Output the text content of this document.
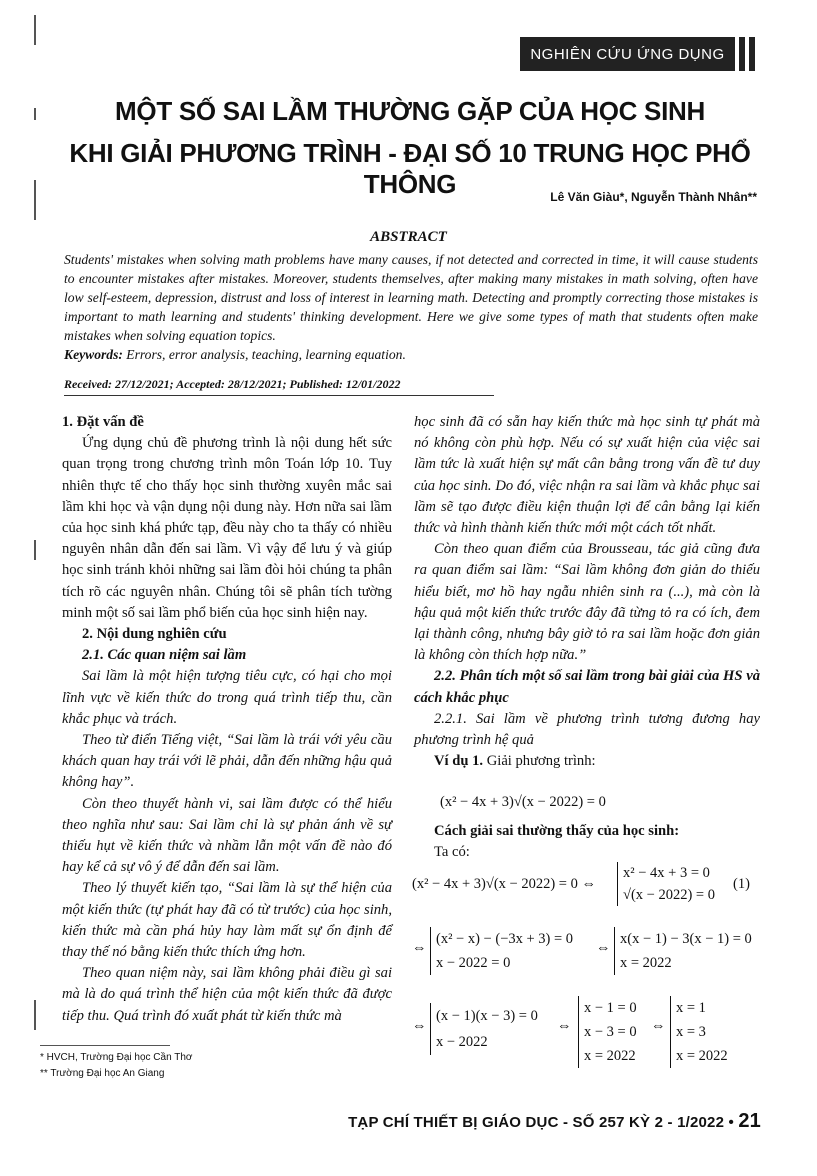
NGHIÊN CỨU ỨNG DỤNG
MỘT SỐ SAI LẦM THƯỜNG GẶP CỦA HỌC SINH
KHI GIẢI PHƯƠNG TRÌNH - ĐẠI SỐ 10 TRUNG HỌC PHỔ THÔNG	Lê Văn Giàu*, Nguyễn Thành Nhân**
ABSTRACT
Students' mistakes when solving math problems have many causes, if not detected and corrected in time, it will cause students to encounter mistakes after mistakes. Moreover, students themselves, after making many mistakes in math solving, often have low self-esteem, depression, distrust and loss of interest in learning math. Detecting and promptly correcting those mistakes is important to math learning and students' thinking development. Here we give some types of math that students often make mistakes when solving equation topics.
Keywords: Errors, error analysis, teaching, learning equation.
Received: 27/12/2021; Accepted: 28/12/2021; Published: 12/01/2022

1. Đặt vấn đề

Ứng dụng chủ đề phương trình là nội dung hết sức quan trọng trong chương trình môn Toán lớp 10. Tuy nhiên thực tế cho thấy học sinh thường xuyên mắc sai lầm khi học và vận dụng nội dung này. Hơn nữa sai lầm của học sinh khá phức tạp, đều này cho ta thấy có nhiều nguyên nhân dẫn đến sai lầm. Vì vậy để lưu ý và giúp học sinh tránh khỏi những sai lầm đòi hỏi chúng ta phân tích rõ các nguyên nhân. Chúng tôi sẽ phân tích tường minh một số sai lầm phổ biến của học sinh hiện nay.

2. Nội dung nghiên cứu

2.1. Các quan niệm sai lầm

Sai lầm là một hiện tượng tiêu cực, có hại cho mọi lĩnh vực về kiến thức do trong quá trình tiếp thu, cần khắc phục và trách.

Theo từ điển Tiếng việt, “Sai lầm là trái với yêu cầu khách quan hay trái với lẽ phải, dẫn đến những hậu quả không hay”.

Còn theo thuyết hành vi, sai lầm được có thể hiểu theo nghĩa như sau: Sai lầm chỉ là sự phản ánh về sự thiếu hụt về kiến thức và nhầm lẫn một vấn đề nào đó hay kể cả sự vô ý để dẫn đến sai lầm.

Theo lý thuyết kiến tạo, “Sai lầm là sự thể hiện của một kiến thức (tự phát hay đã có từ trước) của học sinh, kiến thức mà cần phá hủy hay làm mất sự ổn định để thay thế nó bằng kiến thức thích ứng hơn.

Theo quan niệm này, sai lầm không phải điều gì sai mà là do quá trình thể hiện của một kiến thức đã được tiếp thu. Quá trình đó xuất phát từ kiến thức mà

học sinh đã có sẵn hay kiến thức mà học sinh tự phát mà nó không còn phù hợp. Nếu có sự xuất hiện của việc sai lầm tức là xuất hiện sự mất cân bằng trong vấn đề tư duy của học sinh. Do đó, việc nhận ra sai lầm và khắc phục sai lầm sẽ tạo được điều kiện thuận lợi để cân bằng lại kiến thức và hình thành kiến thức mới một cách tốt nhất.

Còn theo quan điểm của Brousseau, tác giả cũng đưa ra quan điểm sai lầm: “Sai lầm không đơn giản do thiếu hiểu biết, mơ hồ hay ngẫu nhiên sinh ra (...), mà còn là hậu quả một kiến thức trước đây đã từng tỏ ra có ích, đem lại thành công, nhưng bây giờ tỏ ra sai lầm hoặc đơn giản là không còn thích hợp nữa.”

2.2. Phân tích một số sai lầm trong bài giải của HS và cách khắc phục

2.2.1. Sai lầm về phương trình tương đương hay phương trình hệ quả

Ví dụ 1. Giải phương trình:

(x² − 4x + 3)√(x − 2022) = 0
Cách giải sai thường thấy của học sinh:
Ta có:
(x² − 4x + 3)√(x − 2022) = 0 ⇔
x² − 4x + 3 = 0
√(x − 2022) = 0
(1)
⇔
(x² − x) − (−3x + 3) = 0
x − 2022 = 0
⇔
x(x − 1) − 3(x − 1) = 0
x = 2022
⇔
(x − 1)(x − 3) = 0
x − 2022
⇔
x − 1 = 0
x − 3 = 0
x = 2022
⇔
x = 1
x = 3
x = 2022
* HVCH, Trường Đại học Cần Thơ
** Trường Đại học An Giang
TẠP CHÍ THIẾT BỊ GIÁO DỤC - SỐ 257 KỲ 2 - 1/2022 • 21
